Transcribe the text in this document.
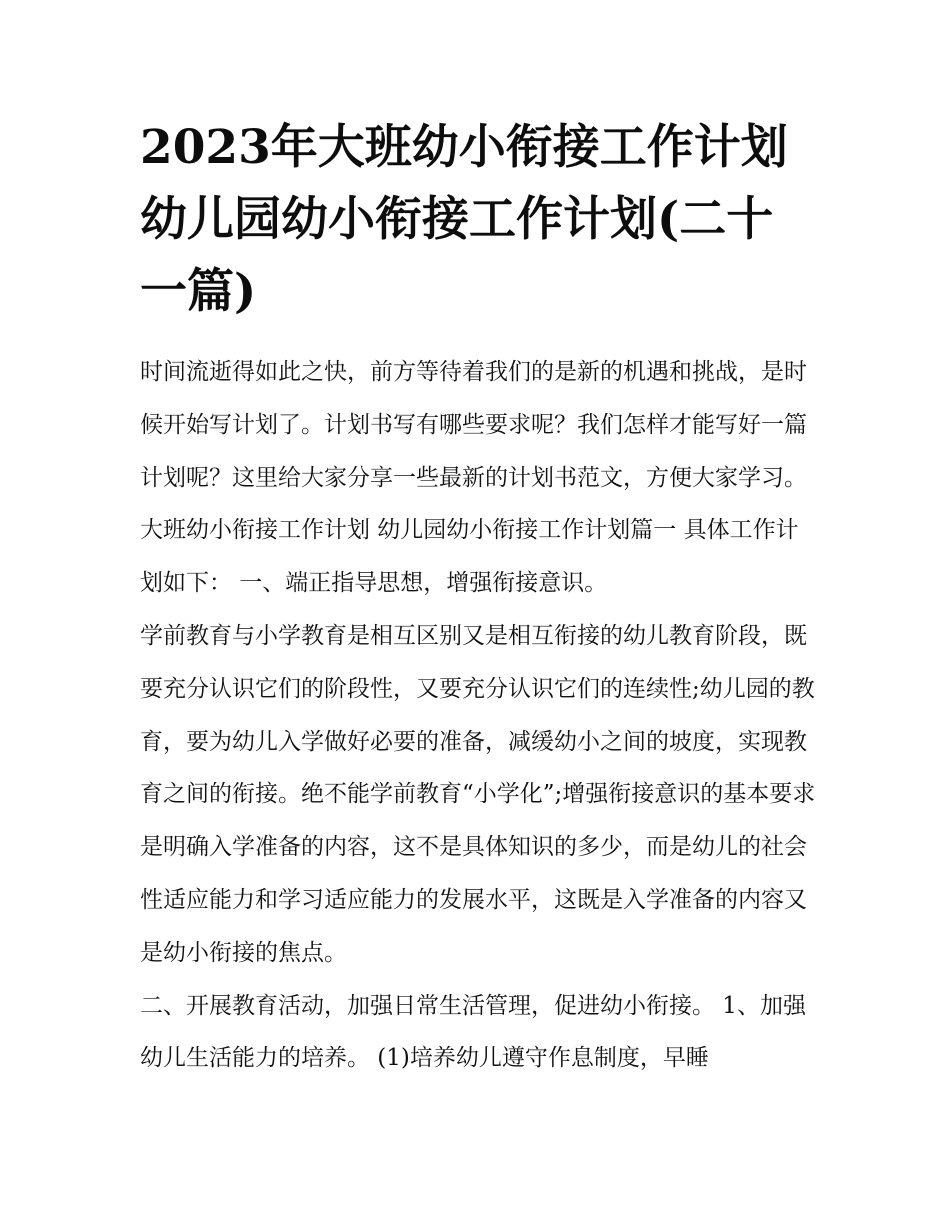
2023年大班幼小衔接工作计划 幼儿园幼小衔接工作计划(二十一篇)

时间流逝得如此之快，前方等待着我们的是新的机遇和挑战，是时候开始写计划了。计划书写有哪些要求呢？我们怎样才能写好一篇计划呢？这里给大家分享一些最新的计划书范文，方便大家学习。

大班幼小衔接工作计划 幼儿园幼小衔接工作计划篇一 具体工作计划如下： 一、端正指导思想，增强衔接意识。

学前教育与小学教育是相互区别又是相互衔接的幼儿教育阶段，既要充分认识它们的阶段性，又要充分认识它们的连续性;幼儿园的教育，要为幼儿入学做好必要的准备，减缓幼小之间的坡度，实现教育之间的衔接。绝不能学前教育“小学化”;增强衔接意识的基本要求是明确入学准备的内容，这不是具体知识的多少，而是幼儿的社会性适应能力和学习适应能力的发展水平，这既是入学准备的内容又是幼小衔接的焦点。

二、开展教育活动，加强日常生活管理，促进幼小衔接。 1、加强幼儿生活能力的培养。 (1)培养幼儿遵守作息制度，早睡
